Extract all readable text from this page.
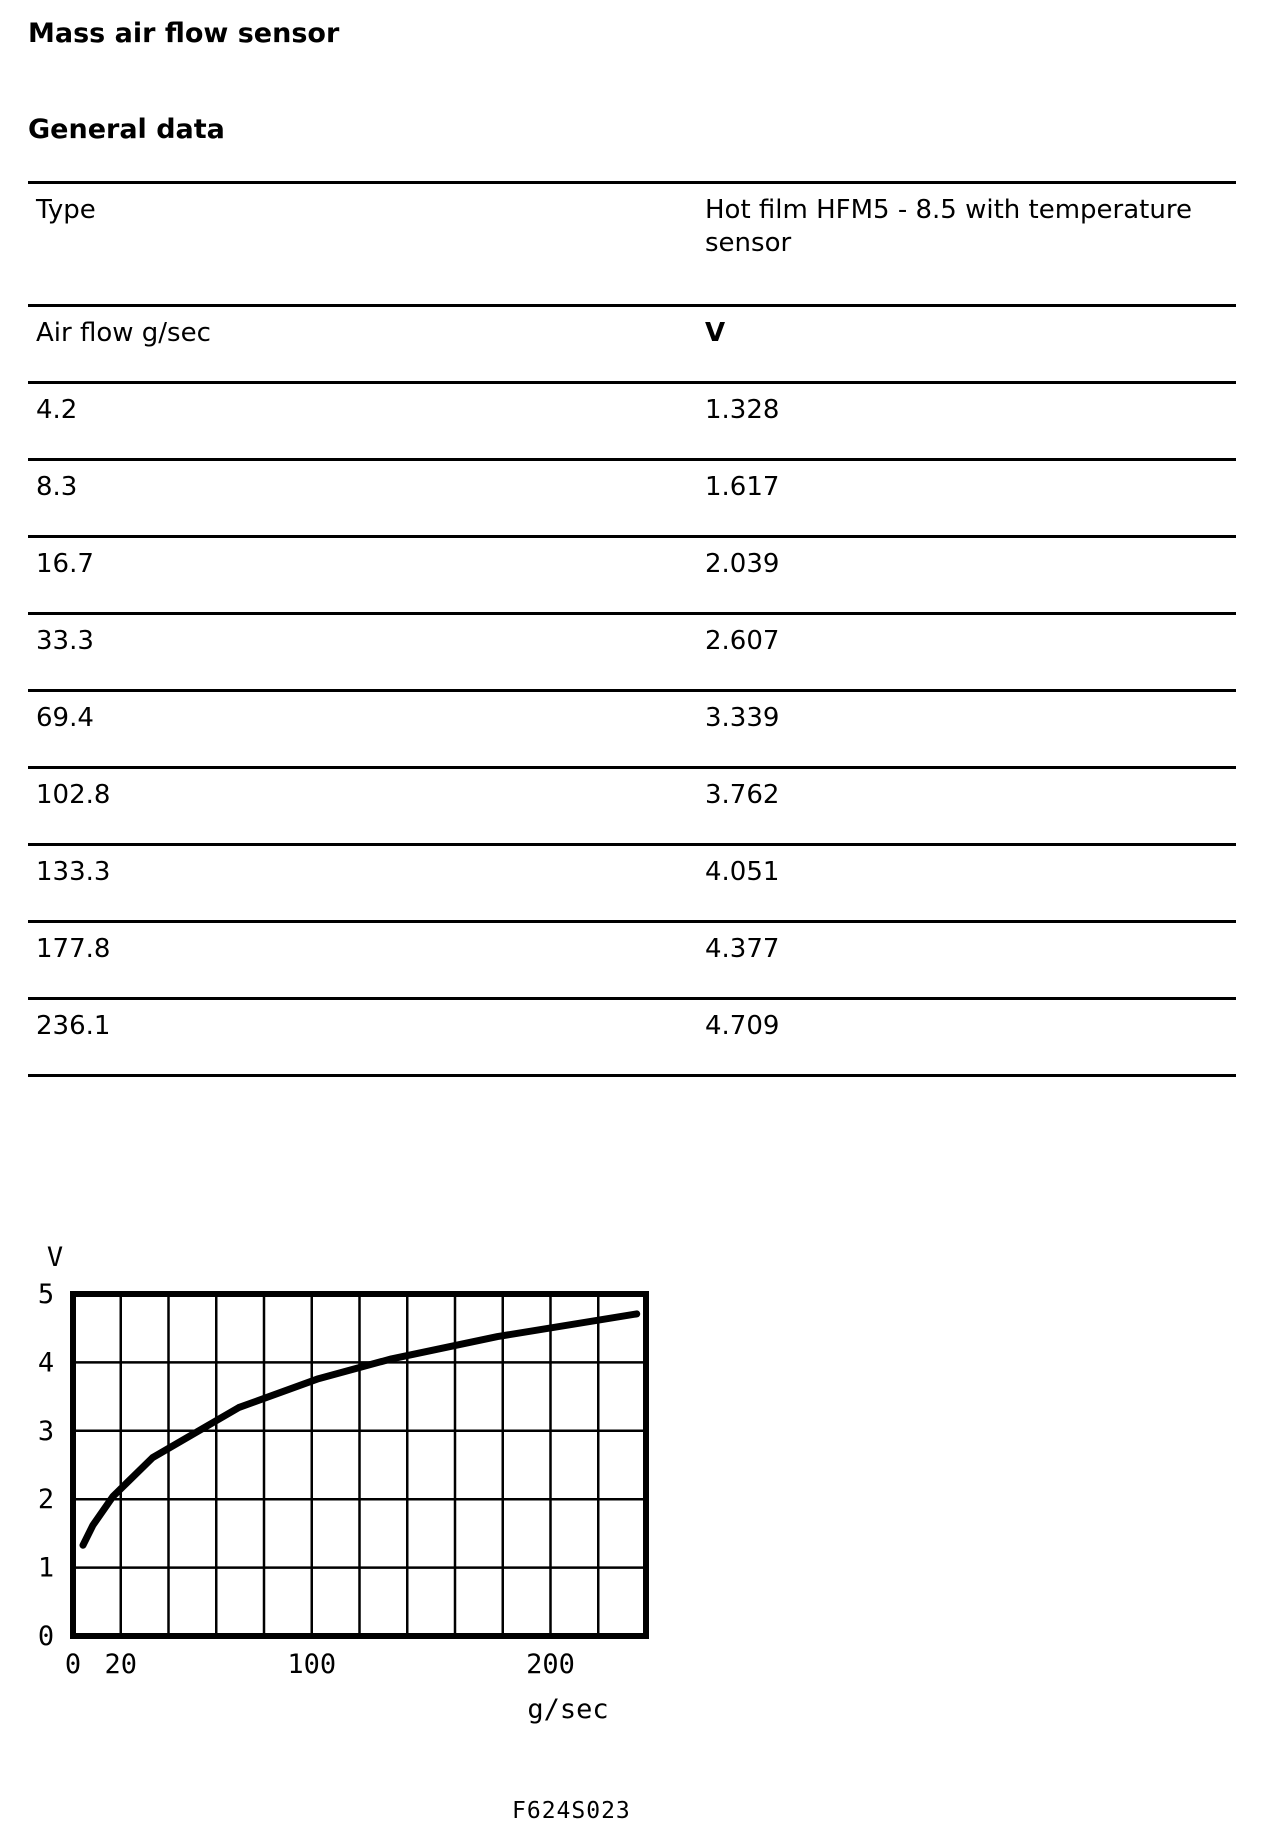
Mass air flow sensor
General data
Type	Hot film HFM5 - 8.5 with temperature sensor
Air flow g/sec	V
4.2	1.328
8.3	1.617
16.7	2.039
33.3	2.607
69.4	3.339
102.8	3.762
133.3	4.051
177.8	4.377
236.1	4.709
0
1
2
3
4
5
0 20	100	200
V
g/sec
F624S023
